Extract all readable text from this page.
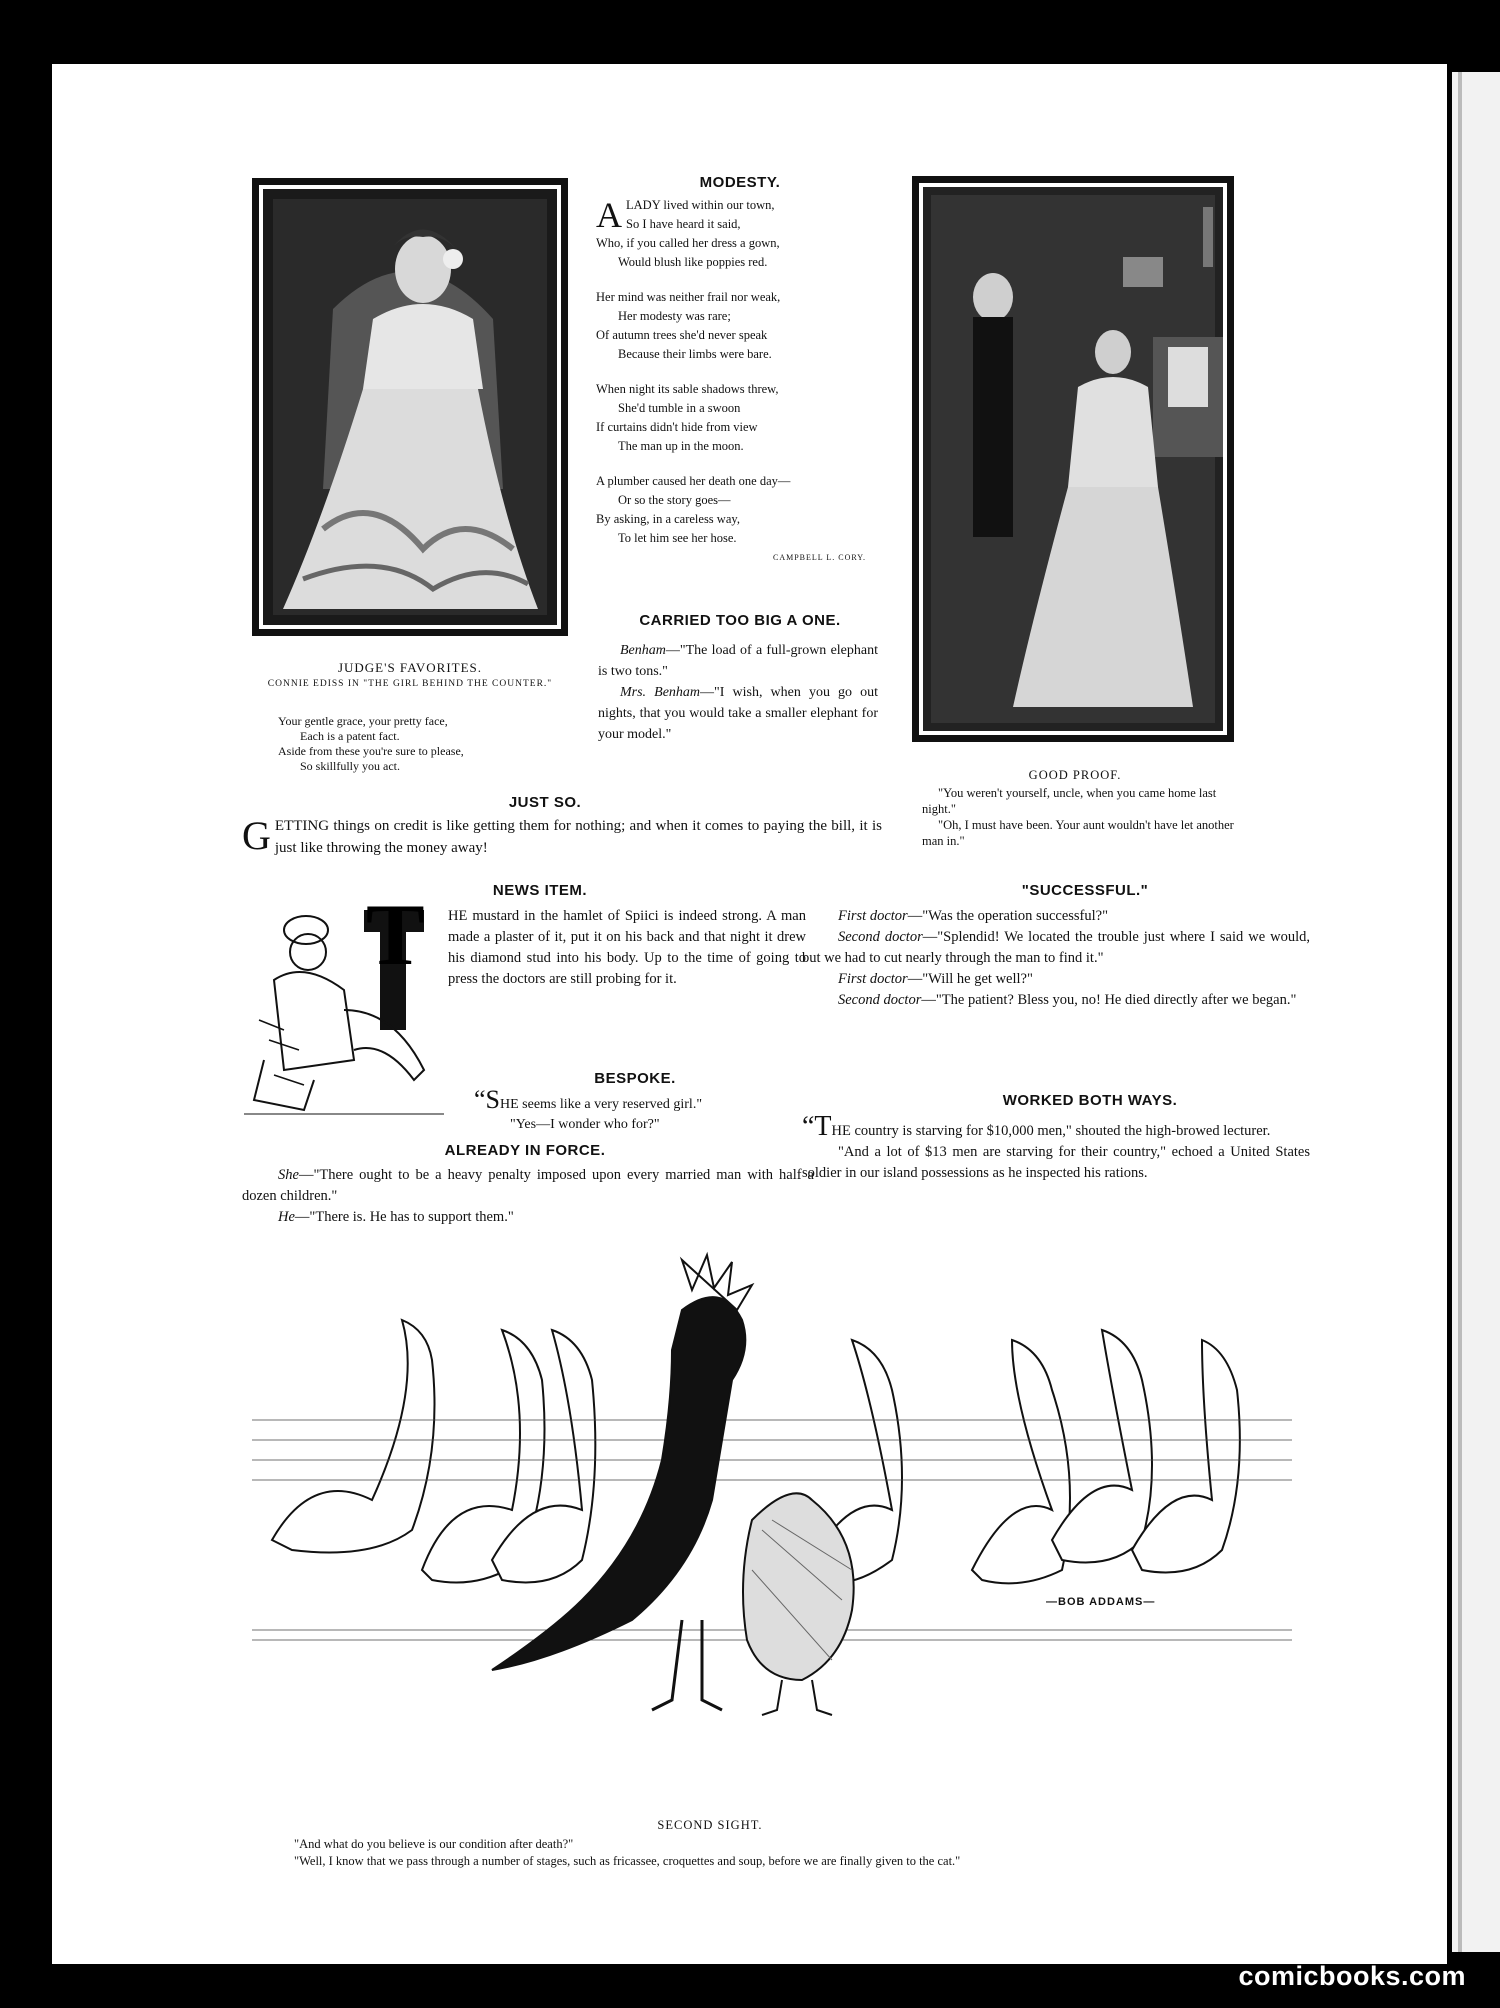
JUDGE'S FAVORITES.
CONNIE EDISS IN "THE GIRL BEHIND THE COUNTER."
Your gentle grace, your pretty face,
Each is a patent fact.
Aside from these you're sure to please,
So skillfully you act.
MODESTY.
A LADY lived within our town,
So I have heard it said,
Who, if you called her dress a gown,
Would blush like poppies red.
Her mind was neither frail nor weak,
Her modesty was rare;
Of autumn trees she'd never speak
Because their limbs were bare.
When night its sable shadows threw,
She'd tumble in a swoon
If curtains didn't hide from view
The man up in the moon.
A plumber caused her death one day—
Or so the story goes—
By asking, in a careless way,
To let him see her hose.
CAMPBELL L. CORY.
CARRIED TOO BIG A ONE.

Benham—"The load of a full-grown elephant is two tons."

Mrs. Benham—"I wish, when you go out nights, that you would take a smaller elephant for your model."

GOOD PROOF.

"You weren't yourself, uncle, when you came home last night."

"Oh, I must have been. Your aunt wouldn't have let another man in."

JUST SO.
GETTING things on credit is like getting them for nothing; and when it comes to paying the bill, it is just like throwing the money away!
NEWS ITEM.
HE mustard in the hamlet of Spiici is indeed strong. A man made a plaster of it, put it on his back and that night it drew his diamond stud into his body. Up to the time of going to press the doctors are still probing for it.
T
BESPOKE.

“SHE seems like a very reserved girl."

"Yes—I wonder who for?"

ALREADY IN FORCE.

She—"There ought to be a heavy penalty imposed upon every married man with half a dozen children."

He—"There is. He has to support them."

"SUCCESSFUL."

First doctor—"Was the operation successful?"

Second doctor—"Splendid! We located the trouble just where I said we would, but we had to cut nearly through the man to find it."

First doctor—"Will he get well?"

Second doctor—"The patient? Bless you, no! He died directly after we began."

WORKED BOTH WAYS.

“THE country is starving for $10,000 men," shouted the high-browed lecturer.

"And a lot of $13 men are starving for their country," echoed a United States soldier in our island possessions as he inspected his rations.

—BOB ADDAMS—
SECOND SIGHT.

"And what do you believe is our condition after death?"

"Well, I know that we pass through a number of stages, such as fricassee, croquettes and soup, before we are finally given to the cat."

comicbooks.com
